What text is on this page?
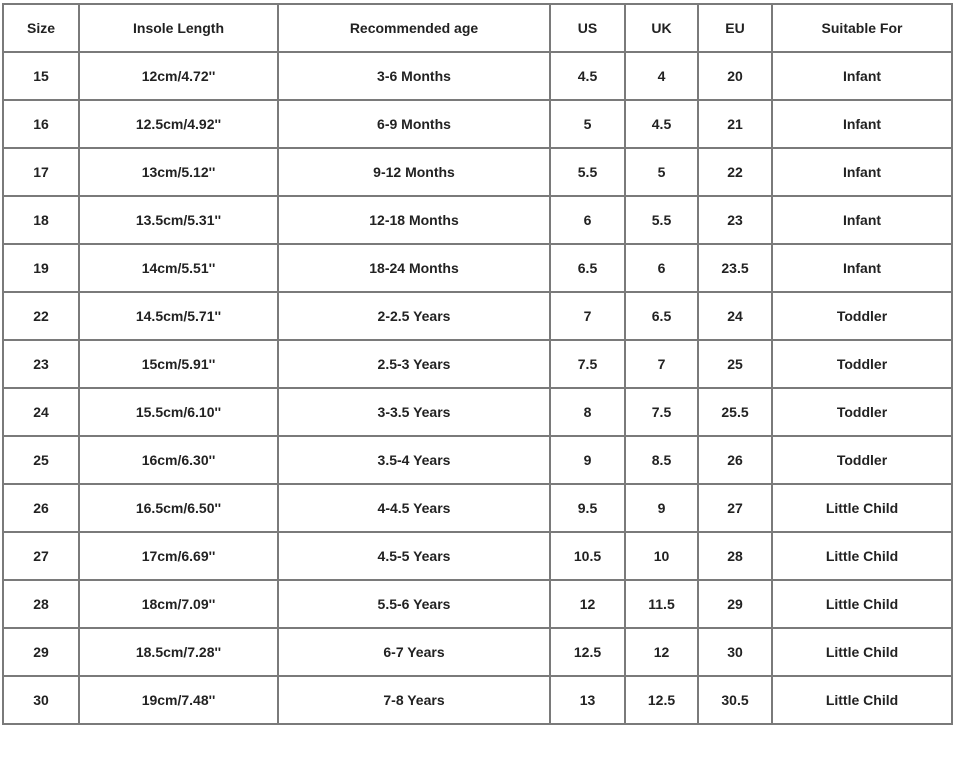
Size	Insole Length	Recommended age	US	UK	EU	Suitable For
15	12cm/4.72''	3-6 Months	4.5	4	20	Infant
16	12.5cm/4.92''	6-9 Months	5	4.5	21	Infant
17	13cm/5.12''	9-12 Months	5.5	5	22	Infant
18	13.5cm/5.31''	12-18 Months	6	5.5	23	Infant
19	14cm/5.51''	18-24 Months	6.5	6	23.5	Infant
22	14.5cm/5.71''	2-2.5 Years	7	6.5	24	Toddler
23	15cm/5.91''	2.5-3 Years	7.5	7	25	Toddler
24	15.5cm/6.10''	3-3.5 Years	8	7.5	25.5	Toddler
25	16cm/6.30''	3.5-4 Years	9	8.5	26	Toddler
26	16.5cm/6.50''	4-4.5 Years	9.5	9	27	Little Child
27	17cm/6.69''	4.5-5 Years	10.5	10	28	Little Child
28	18cm/7.09''	5.5-6 Years	12	11.5	29	Little Child
29	18.5cm/7.28''	6-7 Years	12.5	12	30	Little Child
30	19cm/7.48''	7-8 Years	13	12.5	30.5	Little Child
